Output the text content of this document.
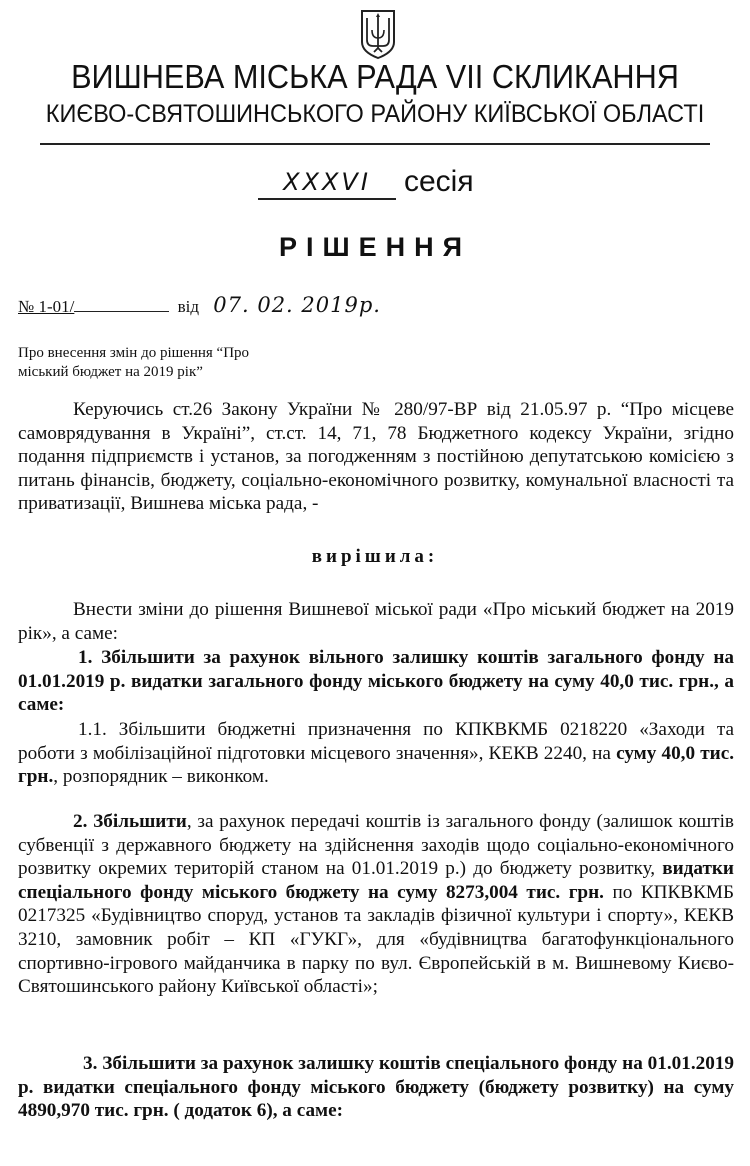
ВИШНЕВА МІСЬКА РАДА VII СКЛИКАННЯ
КИЄВО-СВЯТОШИНСЬКОГО РАЙОНУ КИЇВСЬКОЇ ОБЛАСТІ
XXXVI	сесія
РІШЕННЯ
№ 1-01/	від 07. 02. 2019р.
Про внесення змін до рішення “Про
міський бюджет на 2019 рік”
Керуючись ст.26 Закону України № 280/97-ВР від 21.05.97 р. “Про місцеве самоврядування в Україні”, ст.ст. 14, 71, 78 Бюджетного кодексу України, згідно подання підприємств і установ, за погодженням з постійною депутатською комісією з питань фінансів, бюджету, соціально-економічного розвитку, комунальної власності та приватизації, Вишнева міська рада, -
вирішила:
Внести зміни до рішення Вишневої міської ради «Про міський бюджет на 2019 рік», а саме:
1. Збільшити за рахунок вільного залишку коштів загального фонду на 01.01.2019 р. видатки загального фонду міського бюджету на суму 40,0 тис. грн., а саме:
1.1. Збільшити бюджетні призначення по КПКВКМБ 0218220 «Заходи та роботи з мобілізаційної підготовки місцевого значення», КЕКВ 2240, на суму 40,0 тис. грн., розпорядник – виконком.
2. Збільшити, за рахунок передачі коштів із загального фонду (залишок коштів субвенції з державного бюджету на здійснення заходів щодо соціально-економічного розвитку окремих територій станом на 01.01.2019 р.) до бюджету розвитку, видатки спеціального фонду міського бюджету на суму 8273,004 тис. грн. по КПКВКМБ 0217325 «Будівництво споруд, установ та закладів фізичної культури і спорту», КЕКВ 3210, замовник робіт – КП «ГУКГ», для «будівництва багатофункціонального спортивно-ігрового майданчика в парку по вул. Європейській в м. Вишневому Києво-Святошинського району Київської області»;
3. Збільшити за рахунок залишку коштів спеціального фонду на 01.01.2019 р. видатки спеціального фонду міського бюджету (бюджету розвитку) на суму 4890,970 тис. грн. ( додаток 6), а саме:
